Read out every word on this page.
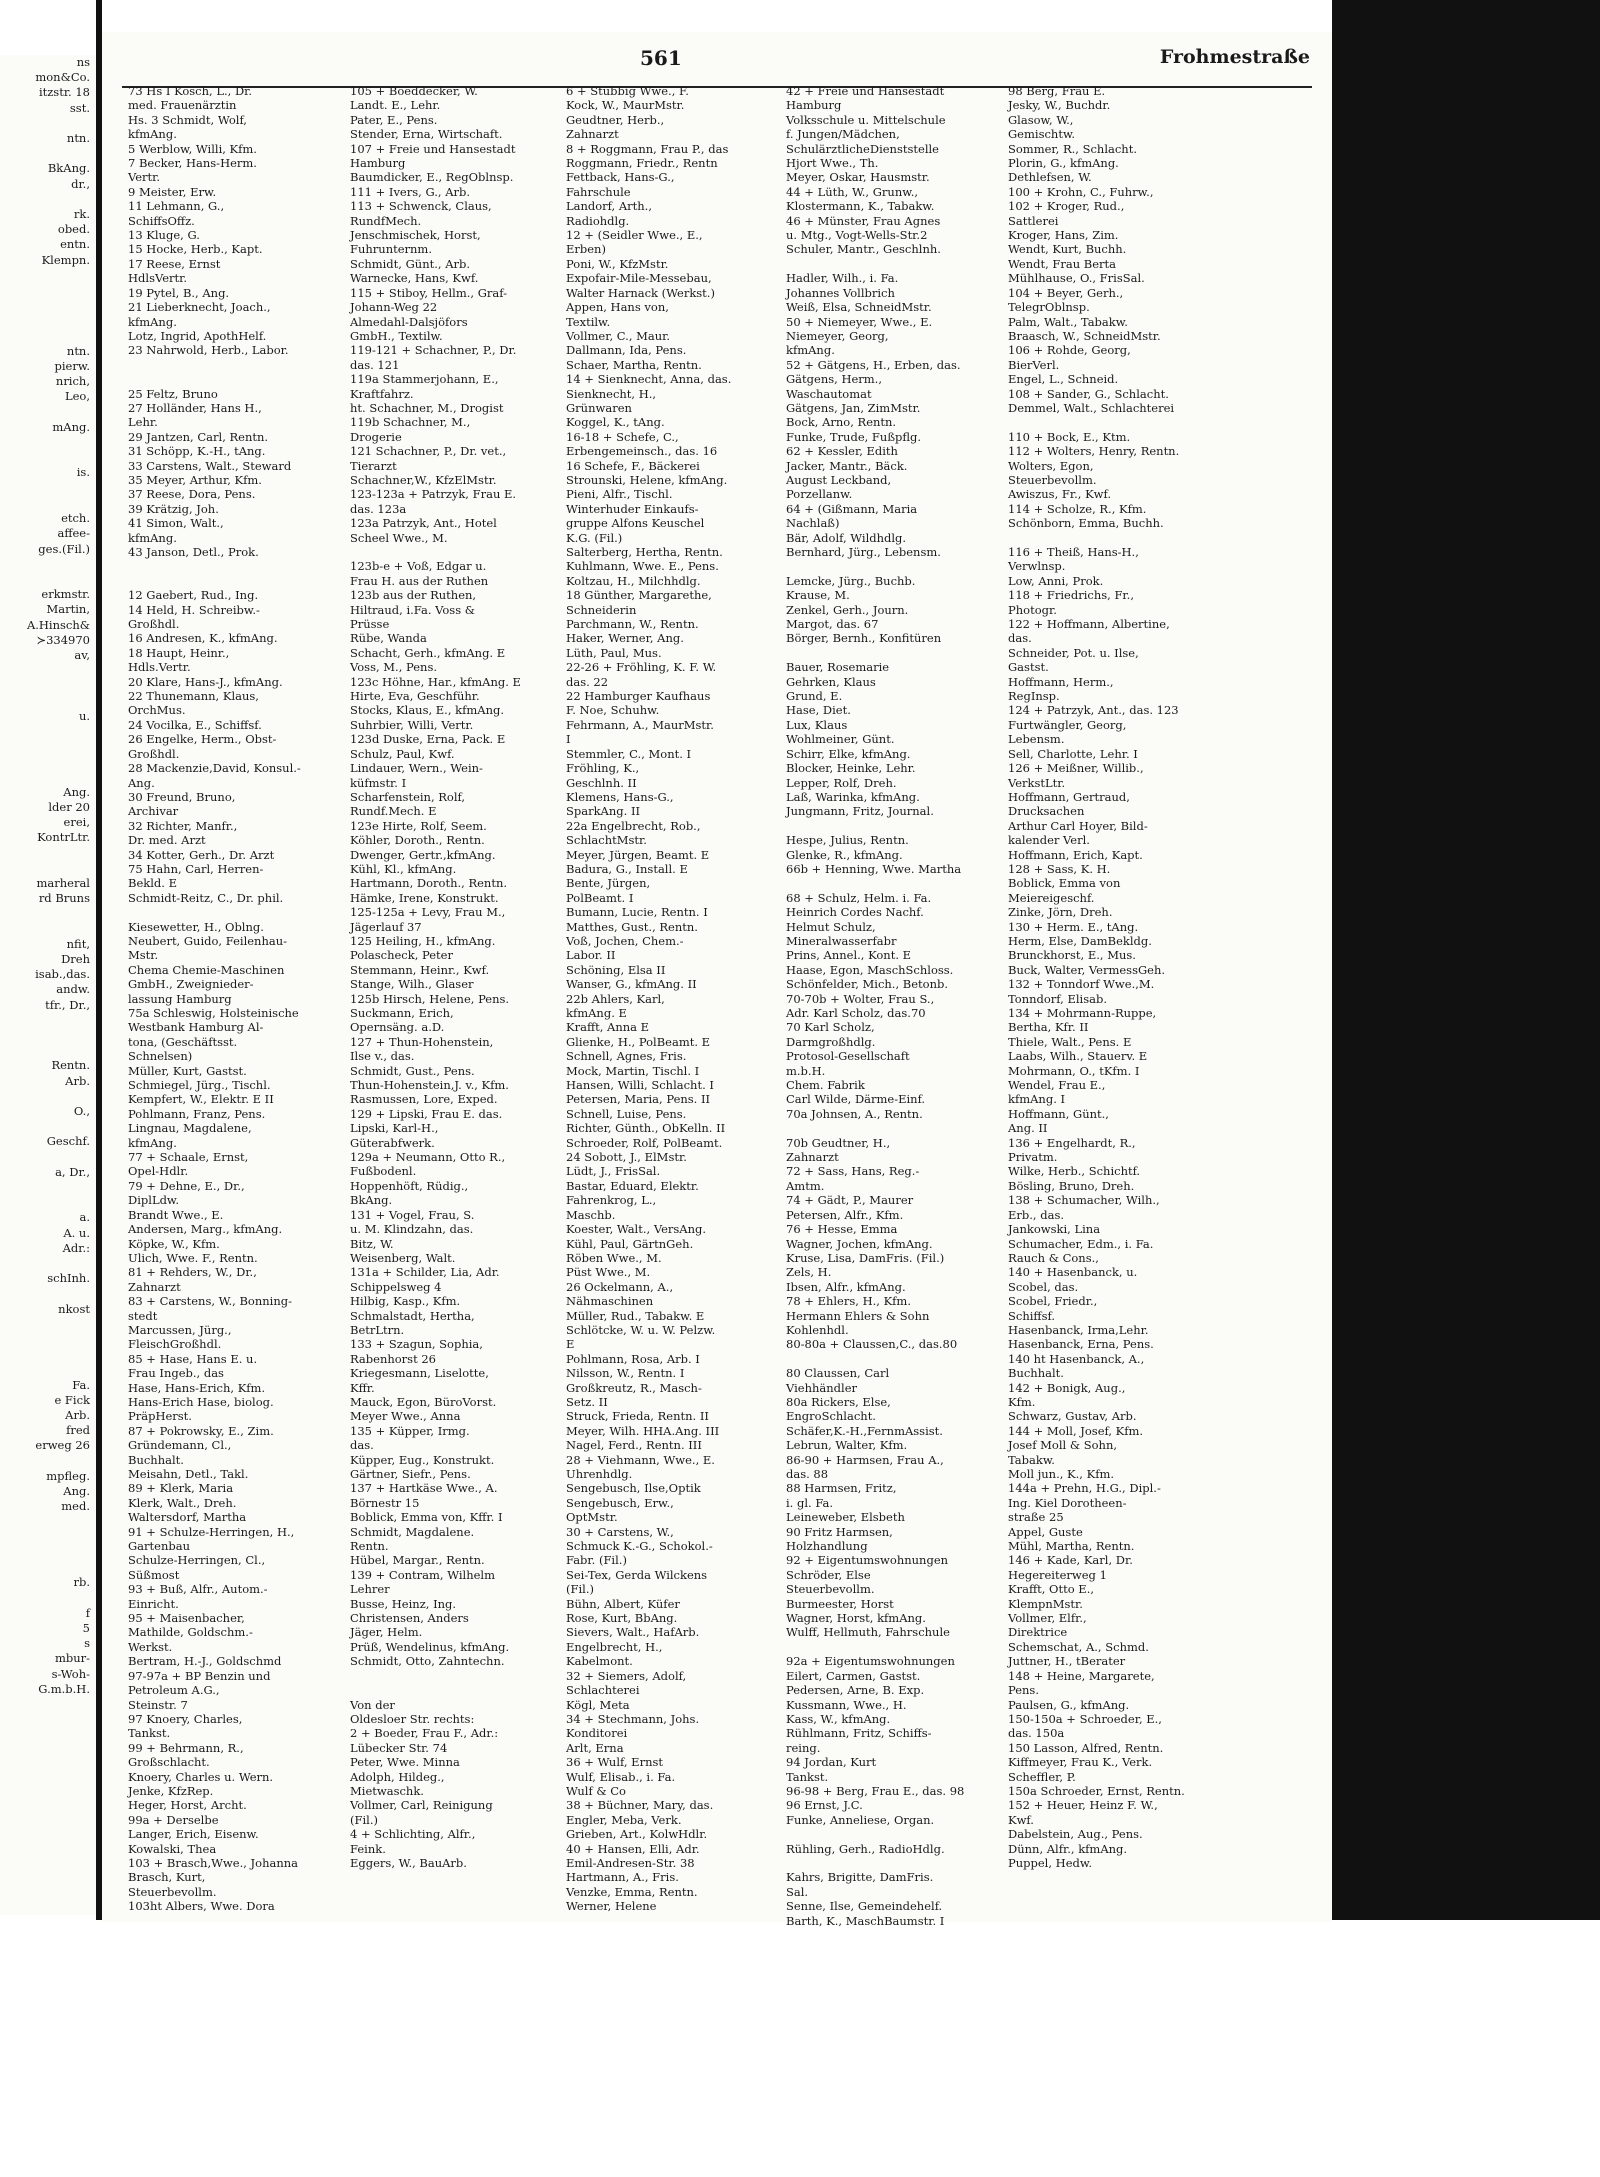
561	Frohmestraße
73 Hs I Kosch, L., Dr.
med. Frauenärztin
Hs. 3 Schmidt, Wolf,
kfmAng.
5 Werblow, Willi, Kfm.
7 Becker, Hans-Herm.
Vertr.
9 Meister, Erw.
11 Lehmann, G.,
SchiffsOffz.
13 Kluge, G.
15 Hocke, Herb., Kapt.
17 Reese, Ernst
HdlsVertr.
19 Pytel, B., Ang.
21 Lieberknecht, Joach.,
kfmAng.
Lotz, Ingrid, ApothHelf.
23 Nahrwold, Herb., Labor.

25 Feltz, Bruno
27 Holländer, Hans H.,
Lehr.
29 Jantzen, Carl, Rentn.
31 Schöpp, K.-H., tAng.
33 Carstens, Walt., Steward
35 Meyer, Arthur, Kfm.
37 Reese, Dora, Pens.
39 Krätzig, Joh.
41 Simon, Walt.,
kfmAng.
43 Janson, Detl., Prok.

12 Gaebert, Rud., Ing.
14 Held, H. Schreibw.-
Großhdl.
16 Andresen, K., kfmAng.
18 Haupt, Heinr.,
Hdls.Vertr.
20 Klare, Hans-J., kfmAng.
22 Thunemann, Klaus,
OrchMus.
24 Vocilka, E., Schiffsf.
26 Engelke, Herm., Obst-
Großhdl.
28 Mackenzie,David, Konsul.-
Ang.
30 Freund, Bruno,
Archivar
32 Richter, Manfr.,
Dr. med. Arzt
34 Kotter, Gerh., Dr. Arzt
75 Hahn, Carl, Herren-
Bekld. E
Schmidt-Reitz, C., Dr. phil.

Kiesewetter, H., Oblng.
Neubert, Guido, Feilenhau-
Mstr.
Chema Chemie-Maschinen
GmbH., Zweignieder-
lassung Hamburg
75a Schleswig, Holsteinische
Westbank Hamburg Al-
tona, (Geschäftsst.
Schnelsen)
Müller, Kurt, Gastst.
Schmiegel, Jürg., Tischl.
Kempfert, W., Elektr. E II
Pohlmann, Franz, Pens.
Lingnau, Magdalene,
kfmAng.
77 + Schaale, Ernst,
Opel-Hdlr.
79 + Dehne, E., Dr.,
DiplLdw.
Brandt Wwe., E.
Andersen, Marg., kfmAng.
Köpke, W., Kfm.
Ulich, Wwe. F., Rentn.
81 + Rehders, W., Dr.,
Zahnarzt
83 + Carstens, W., Bonning-
stedt
Marcussen, Jürg.,
FleischGroßhdl.
85 + Hase, Hans E. u.
Frau Ingeb., das
Hase, Hans-Erich, Kfm.
Hans-Erich Hase, biolog.
PräpHerst.
87 + Pokrowsky, E., Zim.
Gründemann, Cl.,
Buchhalt.
Meisahn, Detl., Takl.
89 + Klerk, Maria
Klerk, Walt., Dreh.
Waltersdorf, Martha
91 + Schulze-Herringen, H.,
Gartenbau
Schulze-Herringen, Cl.,
Süßmost
93 + Buß, Alfr., Autom.-
Einricht.
95 + Maisenbacher,
Mathilde, Goldschm.-
Werkst.
Bertram, H.-J., Goldschmd
97-97a + BP Benzin und
Petroleum A.G.,
Steinstr. 7
97 Knoery, Charles,
Tankst.
99 + Behrmann, R.,
Großschlacht.
Knoery, Charles u. Wern.
Jenke, KfzRep.
Heger, Horst, Archt.
99a + Derselbe
Langer, Erich, Eisenw.
Kowalski, Thea
103 + Brasch,Wwe., Johanna
Brasch, Kurt,
Steuerbevollm.
103ht Albers, Wwe. Dora
105 + Boeddecker, W.
Landt. E., Lehr.
Pater, E., Pens.
Stender, Erna, Wirtschaft.
107 + Freie und Hansestadt
Hamburg
Baumdicker, E., RegOblnsp.
111 + Ivers, G., Arb.
113 + Schwenck, Claus,
RundfMech.
Jenschmischek, Horst,
Fuhrunternm.
Schmidt, Günt., Arb.
Warnecke, Hans, Kwf.
115 + Stiboy, Hellm., Graf-
Johann-Weg 22
Almedahl-Dalsjöfors
GmbH., Textilw.
119-121 + Schachner, P., Dr.
das. 121
119a Stammerjohann, E.,
Kraftfahrz.
ht. Schachner, M., Drogist
119b Schachner, M.,
Drogerie
121 Schachner, P., Dr. vet.,
Tierarzt
Schachner,W., KfzElMstr.
123-123a + Patrzyk, Frau E.
das. 123a
123a Patrzyk, Ant., Hotel
Scheel Wwe., M.

123b-e + Voß, Edgar u.
Frau H. aus der Ruthen
123b aus der Ruthen,
Hiltraud, i.Fa. Voss &
Prüsse
Rübe, Wanda
Schacht, Gerh., kfmAng. E
Voss, M., Pens.
123c Höhne, Har., kfmAng. E
Hirte, Eva, Geschführ.
Stocks, Klaus, E., kfmAng.
Suhrbier, Willi, Vertr.
123d Duske, Erna, Pack. E
Schulz, Paul, Kwf.
Lindauer, Wern., Wein-
küfmstr. I
Scharfenstein, Rolf,
Rundf.Mech. E
123e Hirte, Rolf, Seem.
Köhler, Doroth., Rentn.
Dwenger, Gertr.,kfmAng.
Kühl, Kl., kfmAng.
Hartmann, Doroth., Rentn.
Hämke, Irene, Konstrukt.
125-125a + Levy, Frau M.,
Jägerlauf 37
125 Heiling, H., kfmAng.
Polascheck, Peter
Stemmann, Heinr., Kwf.
Stange, Wilh., Glaser
125b Hirsch, Helene, Pens.
Suckmann, Erich,
Opernsäng. a.D.
127 + Thun-Hohenstein,
Ilse v., das.
Schmidt, Gust., Pens.
Thun-Hohenstein,J. v., Kfm.
Rasmussen, Lore, Exped.
129 + Lipski, Frau E. das.
Lipski, Karl-H.,
Güterabfwerk.
129a + Neumann, Otto R.,
Fußbodenl.
Hoppenhöft, Rüdig.,
BkAng.
131 + Vogel, Frau, S.
u. M. Klindzahn, das.
Bitz, W.
Weisenberg, Walt.
131a + Schilder, Lia, Adr.
Schippelsweg 4
Hilbig, Kasp., Kfm.
Schmalstadt, Hertha,
BetrLtrn.
133 + Szagun, Sophia,
Rabenhorst 26
Kriegesmann, Liselotte,
Kffr.
Mauck, Egon, BüroVorst.
Meyer Wwe., Anna
135 + Küpper, Irmg.
das.
Küpper, Eug., Konstrukt.
Gärtner, Siefr., Pens.
137 + Hartkäse Wwe., A.
Börnestr 15
Boblick, Emma von, Kffr. I
Schmidt, Magdalene.
Rentn.
Hübel, Margar., Rentn.
139 + Contram, Wilhelm
Lehrer
Busse, Heinz, Ing.
Christensen, Anders
Jäger, Helm.
Prüß, Wendelinus, kfmAng.
Schmidt, Otto, Zahntechn.

Von der
Oldesloer Str. rechts:
2 + Boeder, Frau F., Adr.:
Lübecker Str. 74
Peter, Wwe. Minna
Adolph, Hildeg.,
Mietwaschk.
Vollmer, Carl, Reinigung
(Fil.)
4 + Schlichting, Alfr.,
Feink.
Eggers, W., BauArb.
6 + Stubbig Wwe., F.
Kock, W., MaurMstr.
Geudtner, Herb.,
Zahnarzt
8 + Roggmann, Frau P., das
Roggmann, Friedr., Rentn
Fettback, Hans-G.,
Fahrschule
Landorf, Arth.,
Radiohdlg.
12 + (Seidler Wwe., E.,
Erben)
Poni, W., KfzMstr.
Expofair-Mile-Messebau,
Walter Harnack (Werkst.)
Appen, Hans von,
Textilw.
Vollmer, C., Maur.
Dallmann, Ida, Pens.
Schaer, Martha, Rentn.
14 + Sienknecht, Anna, das.
Sienknecht, H.,
Grünwaren
Koggel, K., tAng.
16-18 + Schefe, C.,
Erbengemeinsch., das. 16
16 Schefe, F., Bäckerei
Strounski, Helene, kfmAng.
Pieni, Alfr., Tischl.
Winterhuder Einkaufs-
gruppe Alfons Keuschel
K.G. (Fil.)
Salterberg, Hertha, Rentn.
Kuhlmann, Wwe. E., Pens.
Koltzau, H., Milchhdlg.
18 Günther, Margarethe,
Schneiderin
Parchmann, W., Rentn.
Haker, Werner, Ang.
Lüth, Paul, Mus.
22-26 + Fröhling, K. F. W.
das. 22
22 Hamburger Kaufhaus
F. Noe, Schuhw.
Fehrmann, A., MaurMstr.
I
Stemmler, C., Mont. I
Fröhling, K.,
Geschlnh. II
Klemens, Hans-G.,
SparkAng. II
22a Engelbrecht, Rob.,
SchlachtMstr.
Meyer, Jürgen, Beamt. E
Badura, G., Install. E
Bente, Jürgen,
PolBeamt. I
Bumann, Lucie, Rentn. I
Matthes, Gust., Rentn.
Voß, Jochen, Chem.-
Labor. II
Schöning, Elsa II
Wanser, G., kfmAng. II
22b Ahlers, Karl,
kfmAng. E
Krafft, Anna E
Glienke, H., PolBeamt. E
Schnell, Agnes, Fris.
Mock, Martin, Tischl. I
Hansen, Willi, Schlacht. I
Petersen, Maria, Pens. II
Schnell, Luise, Pens.
Richter, Günth., ObKelln. II
Schroeder, Rolf, PolBeamt.
24 Sobott, J., ElMstr.
Lüdt, J., FrisSal.
Bastar, Eduard, Elektr.
Fahrenkrog, L.,
Maschb.
Koester, Walt., VersAng.
Kühl, Paul, GärtnGeh.
Röben Wwe., M.
Püst Wwe., M.
26 Ockelmann, A.,
Nähmaschinen
Müller, Rud., Tabakw. E
Schlötcke, W. u. W. Pelzw.
E
Pohlmann, Rosa, Arb. I
Nilsson, W., Rentn. I
Großkreutz, R., Masch-
Setz. II
Struck, Frieda, Rentn. II
Meyer, Wilh. HHA.Ang. III
Nagel, Ferd., Rentn. III
28 + Viehmann, Wwe., E.
Uhrenhdlg.
Sengebusch, Ilse,Optik
Sengebusch, Erw.,
OptMstr.
30 + Carstens, W.,
Schmuck K.-G., Schokol.-
Fabr. (Fil.)
Sei-Tex, Gerda Wilckens
(Fil.)
Bühn, Albert, Küfer
Rose, Kurt, BbAng.
Sievers, Walt., HafArb.
Engelbrecht, H.,
Kabelmont.
32 + Siemers, Adolf,
Schlachterei
Kögl, Meta
34 + Stechmann, Johs.
Konditorei
Arlt, Erna
36 + Wulf, Ernst
Wulf, Elisab., i. Fa.
Wulf & Co
38 + Büchner, Mary, das.
Engler, Meba, Verk.
Grieben, Art., KolwHdlr.
40 + Hansen, Elli, Adr.
Emil-Andresen-Str. 38
Hartmann, A., Fris.
Venzke, Emma, Rentn.
Werner, Helene
42 + Freie und Hansestadt
Hamburg
Volksschule u. Mittelschule
f. Jungen/Mädchen,
SchulärztlicheDienststelle
Hjort Wwe., Th.
Meyer, Oskar, Hausmstr.
44 + Lüth, W., Grunw.,
Klostermann, K., Tabakw.
46 + Münster, Frau Agnes
u. Mtg., Vogt-Wells-Str.2
Schuler, Mantr., Geschlnh.

Hadler, Wilh., i. Fa.
Johannes Vollbrich
Weiß, Elsa, SchneidMstr.
50 + Niemeyer, Wwe., E.
Niemeyer, Georg,
kfmAng.
52 + Gätgens, H., Erben, das.
Gätgens, Herm.,
Waschautomat
Gätgens, Jan, ZimMstr.
Bock, Arno, Rentn.
Funke, Trude, Fußpflg.
62 + Kessler, Edith
Jacker, Mantr., Bäck.
August Leckband,
Porzellanw.
64 + (Gißmann, Maria
Nachlaß)
Bär, Adolf, Wildhdlg.
Bernhard, Jürg., Lebensm.

Lemcke, Jürg., Buchb.
Krause, M.
Zenkel, Gerh., Journ.
Margot, das. 67
Börger, Bernh., Konfitüren

Bauer, Rosemarie
Gehrken, Klaus
Grund, E.
Hase, Diet.
Lux, Klaus
Wohlmeiner, Günt.
Schirr, Elke, kfmAng.
Blocker, Heinke, Lehr.
Lepper, Rolf, Dreh.
Laß, Warinka, kfmAng.
Jungmann, Fritz, Journal.

Hespe, Julius, Rentn.
Glenke, R., kfmAng.
66b + Henning, Wwe. Martha

68 + Schulz, Helm. i. Fa.
Heinrich Cordes Nachf.
Helmut Schulz,
Mineralwasserfabr
Prins, Annel., Kont. E
Haase, Egon, MaschSchloss.
Schönfelder, Mich., Betonb.
70-70b + Wolter, Frau S.,
Adr. Karl Scholz, das.70
70 Karl Scholz,
Darmgroßhdlg.
Protosol-Gesellschaft
m.b.H.
Chem. Fabrik
Carl Wilde, Därme-Einf.
70a Johnsen, A., Rentn.

70b Geudtner, H.,
Zahnarzt
72 + Sass, Hans, Reg.-
Amtm.
74 + Gädt, P., Maurer
Petersen, Alfr., Kfm.
76 + Hesse, Emma
Wagner, Jochen, kfmAng.
Kruse, Lisa, DamFris. (Fil.)
Zels, H.
Ibsen, Alfr., kfmAng.
78 + Ehlers, H., Kfm.
Hermann Ehlers & Sohn
Kohlenhdl.
80-80a + Claussen,C., das.80

80 Claussen, Carl
Viehhändler
80a Rickers, Else,
EngroSchlacht.
Schäfer,K.-H.,FernmAssist.
Lebrun, Walter, Kfm.
86-90 + Harmsen, Frau A.,
das. 88
88 Harmsen, Fritz,
i. gl. Fa.
Leineweber, Elsbeth
90 Fritz Harmsen,
Holzhandlung
92 + Eigentumswohnungen
Schröder, Else
Steuerbevollm.
Burmeester, Horst
Wagner, Horst, kfmAng.
Wulff, Hellmuth, Fahrschule

92a + Eigentumswohnungen
Eilert, Carmen, Gastst.
Pedersen, Arne, B. Exp.
Kussmann, Wwe., H.
Kass, W., kfmAng.
Rühlmann, Fritz, Schiffs-
reing.
94 Jordan, Kurt
Tankst.
96-98 + Berg, Frau E., das. 98
96 Ernst, J.C.
Funke, Anneliese, Organ.

Rühling, Gerh., RadioHdlg.

Kahrs, Brigitte, DamFris.
Sal.
Senne, Ilse, Gemeindehelf.
Barth, K., MaschBaumstr. I
98 Berg, Frau E.
Jesky, W., Buchdr.
Glasow, W.,
Gemischtw.
Sommer, R., Schlacht.
Plorin, G., kfmAng.
Dethlefsen, W.
100 + Krohn, C., Fuhrw.,
102 + Kroger, Rud.,
Sattlerei
Kroger, Hans, Zim.
Wendt, Kurt, Buchh.
Wendt, Frau Berta
Mühlhause, O., FrisSal.
104 + Beyer, Gerh.,
TelegrOblnsp.
Palm, Walt., Tabakw.
Braasch, W., SchneidMstr.
106 + Rohde, Georg,
BierVerl.
Engel, L., Schneid.
108 + Sander, G., Schlacht.
Demmel, Walt., Schlachterei

110 + Bock, E., Ktm.
112 + Wolters, Henry, Rentn.
Wolters, Egon,
Steuerbevollm.
Awiszus, Fr., Kwf.
114 + Scholze, R., Kfm.
Schönborn, Emma, Buchh.

116 + Theiß, Hans-H.,
Verwlnsp.
Low, Anni, Prok.
118 + Friedrichs, Fr.,
Photogr.
122 + Hoffmann, Albertine,
das.
Schneider, Pot. u. Ilse,
Gastst.
Hoffmann, Herm.,
RegInsp.
124 + Patrzyk, Ant., das. 123
Furtwängler, Georg,
Lebensm.
Sell, Charlotte, Lehr. I
126 + Meißner, Willib.,
VerkstLtr.
Hoffmann, Gertraud,
Drucksachen
Arthur Carl Hoyer, Bild-
kalender Verl.
Hoffmann, Erich, Kapt.
128 + Sass, K. H.
Boblick, Emma von
Meiereigeschf.
Zinke, Jörn, Dreh.
130 + Herm. E., tAng.
Herm, Else, DamBekldg.
Brunckhorst, E., Mus.
Buck, Walter, VermessGeh.
132 + Tonndorf Wwe.,M.
Tonndorf, Elisab.
134 + Mohrmann-Ruppe,
Bertha, Kfr. II
Thiele, Walt., Pens. E
Laabs, Wilh., Stauerv. E
Mohrmann, O., tKfm. I
Wendel, Frau E.,
kfmAng. I
Hoffmann, Günt.,
Ang. II
136 + Engelhardt, R.,
Privatm.
Wilke, Herb., Schichtf.
Bösling, Bruno, Dreh.
138 + Schumacher, Wilh.,
Erb., das.
Jankowski, Lina
Schumacher, Edm., i. Fa.
Rauch & Cons.,
140 + Hasenbanck, u.
Scobel, das.
Scobel, Friedr.,
Schiffsf.
Hasenbanck, Irma,Lehr.
Hasenbanck, Erna, Pens.
140 ht Hasenbanck, A.,
Buchhalt.
142 + Bonigk, Aug.,
Kfm.
Schwarz, Gustav, Arb.
144 + Moll, Josef, Kfm.
Josef Moll & Sohn,
Tabakw.
Moll jun., K., Kfm.
144a + Prehn, H.G., Dipl.-
Ing. Kiel Dorotheen-
straße 25
Appel, Guste
Mühl, Martha, Rentn.
146 + Kade, Karl, Dr.
Hegereiterweg 1
Krafft, Otto E.,
KlempnMstr.
Vollmer, Elfr.,
Direktrice
Schemschat, A., Schmd.
Juttner, H., tBerater
148 + Heine, Margarete,
Pens.
Paulsen, G., kfmAng.
150-150a + Schroeder, E.,
das. 150a
150 Lasson, Alfred, Rentn.
Kiffmeyer, Frau K., Verk.
Scheffler, P.
150a Schroeder, Ernst, Rentn.
152 + Heuer, Heinz F. W.,
Kwf.
Dabelstein, Aug., Pens.
Dünn, Alfr., kfmAng.
Puppel, Hedw.
ns
mon&Co.
itzstr. 18
sst.

ntn.

BkAng.
dr.,

rk.
obed.
entn.
Klempn.

ntn.
pierw.
nrich,
Leo,

mAng.

is.

etch.
affee-
ges.(Fil.)

erkmstr.
Martin,
A.Hinsch&
≻334970
av,

u.

Ang.
lder 20
erei,
KontrLtr.

marheral
rd Bruns

nfit,
Dreh
isab.,das.
andw.
tfr., Dr.,

Rentn.
Arb.

O.,

Geschf.

a, Dr.,

a.
A. u.
Adr.:

schInh.

nkost

Fa.
e Fick
Arb.
fred
erweg 26

mpfleg.
Ang.
med.

rb.

f
5
s
mbur-
s-Woh-
G.m.b.H.
